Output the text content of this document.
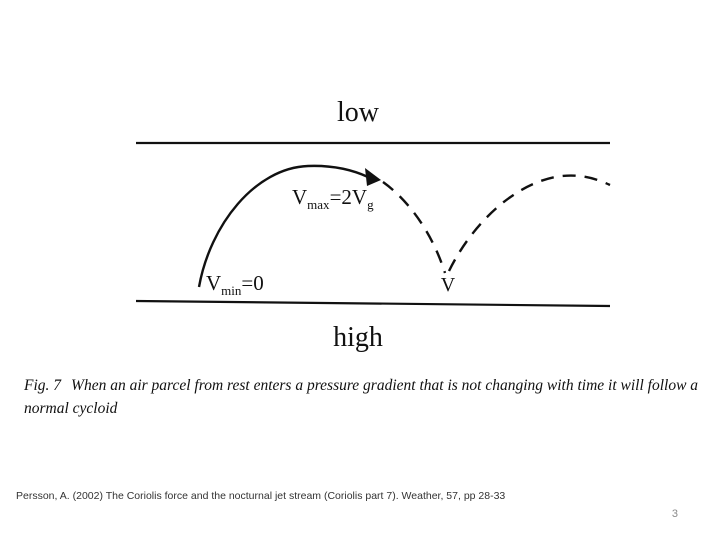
low
high
V
$V_{min}=0$
$V_{max}=2V_g$
Fig. 7 When an air parcel from rest enters a pressure gradient that is not changing with time it will follow a normal cycloid
Persson, A. (2002) The Coriolis force and the nocturnal jet stream (Coriolis part 7). Weather, 57, pp 28-33
3
